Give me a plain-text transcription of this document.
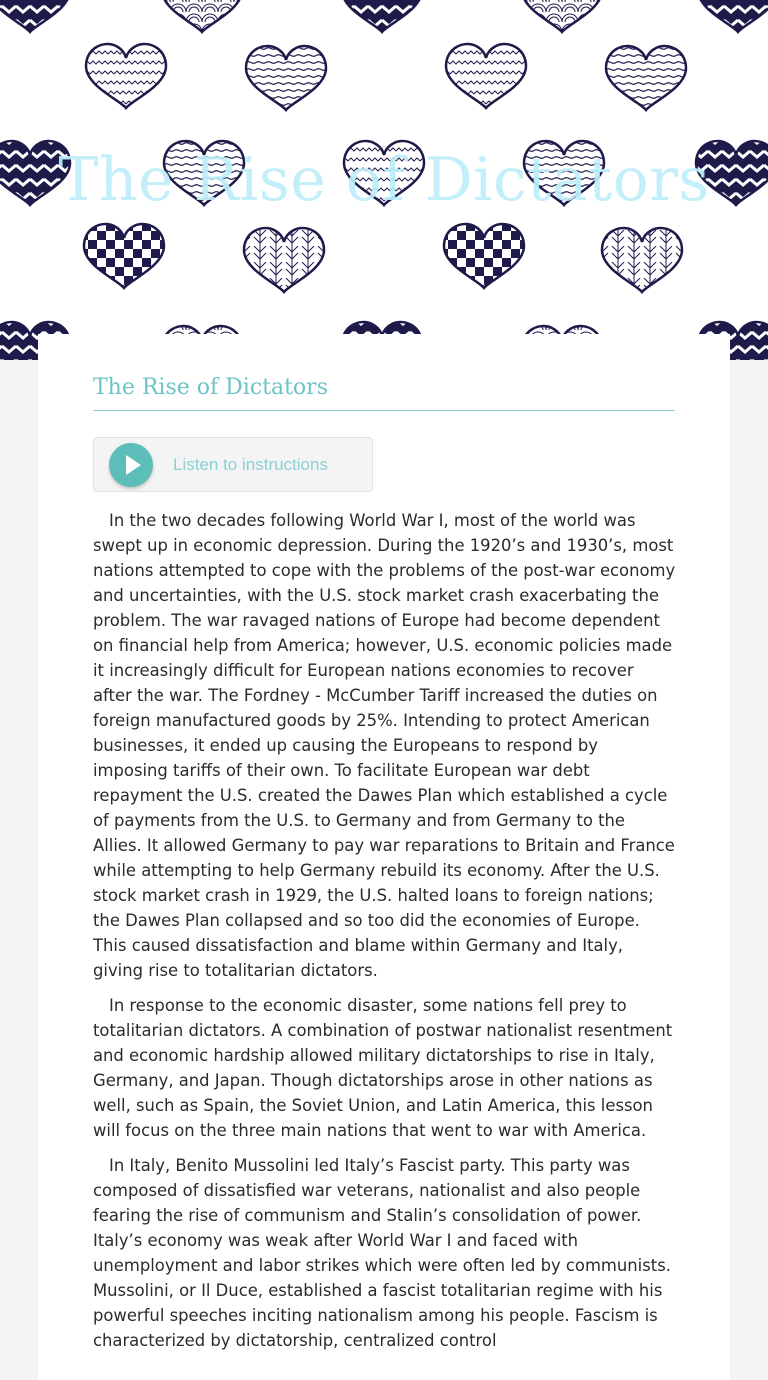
The Rise of Dictators
The Rise of Dictators
Listen to instructions

In the two decades following World War I, most of the world was swept up in economic depression. During the 1920’s and 1930’s, most nations attempted to cope with the problems of the post-war economy and uncertainties, with the U.S. stock market crash exacerbating the problem. The war ravaged nations of Europe had become dependent on financial help from America; however, U.S. economic policies made it increasingly difficult for European nations economies to recover after the war. The Fordney - McCumber Tariff increased the duties on foreign manufactured goods by 25%. Intending to protect American businesses, it ended up causing the Europeans to respond by imposing tariffs of their own. To facilitate European war debt repayment the U.S. created the Dawes Plan which established a cycle of payments from the U.S. to Germany and from Germany to the Allies. It allowed Germany to pay war reparations to Britain and France while attempting to help Germany rebuild its economy. After the U.S. stock market crash in 1929, the U.S. halted loans to foreign nations; the Dawes Plan collapsed and so too did the economies of Europe. This caused dissatisfaction and blame within Germany and Italy, giving rise to totalitarian dictators.

In response to the economic disaster, some nations fell prey to totalitarian dictators. A combination of postwar nationalist resentment and economic hardship allowed military dictatorships to rise in Italy, Germany, and Japan. Though dictatorships arose in other nations as well, such as Spain, the Soviet Union, and Latin America, this lesson will focus on the three main nations that went to war with America.

In Italy, Benito Mussolini led Italy’s Fascist party. This party was composed of dissatisfied war veterans, nationalist and also people fearing the rise of communism and Stalin’s consolidation of power. Italy’s economy was weak after World War I and faced with unemployment and labor strikes which were often led by communists. Mussolini, or Il Duce, established a fascist totalitarian regime with his powerful speeches inciting nationalism among his people. Fascism is characterized by dictatorship, centralized control
